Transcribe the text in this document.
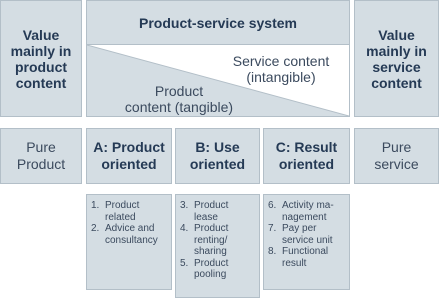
Value
mainly in
product
content
Product-service system
Service content
(intangible)
Product
content (tangible)
Value
mainly in
service
content
Pure
Product
A: Product
oriented
B: Use
oriented
C: Result
oriented
Pure
service
1. Product
related
2. Advice and
consultancy
3. Product
lease
4. Product
renting/
sharing
5. Product
pooling
6. Activity ma-
nagement
7. Pay per
service unit
8. Functional
result
